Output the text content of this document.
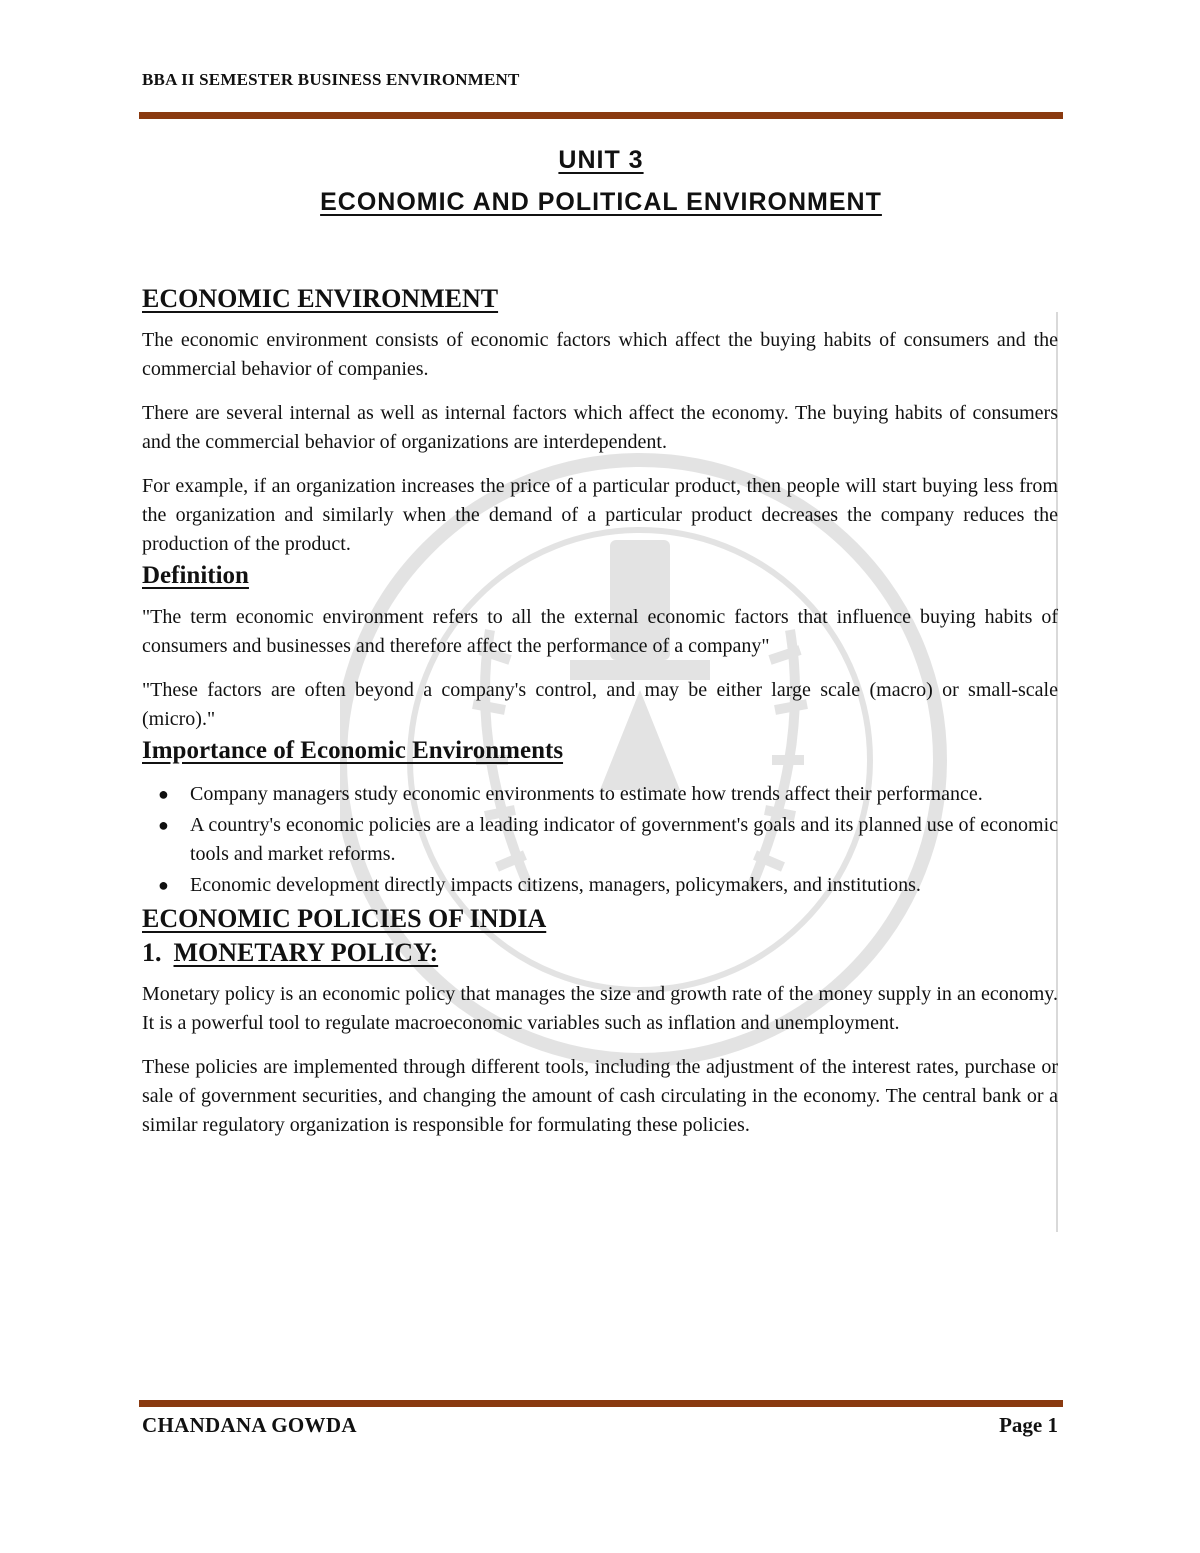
BBA II SEMESTER BUSINESS ENVIRONMENT
UNIT 3
ECONOMIC AND POLITICAL ENVIRONMENT
ECONOMIC ENVIRONMENT

The economic environment consists of economic factors which affect the buying habits of consumers and the commercial behavior of companies.

There are several internal as well as internal factors which affect the economy. The buying habits of consumers and the commercial behavior of organizations are interdependent.

For example, if an organization increases the price of a particular product, then people will start buying less from the organization and similarly when the demand of a particular product decreases the company reduces the production of the product.

Definition

"The term economic environment refers to all the external economic factors that influence buying habits of consumers and businesses and therefore affect the performance of a company"

"These factors are often beyond a company's control, and may be either large scale (macro) or small-scale (micro)."

Importance of Economic Environments
● Company managers study economic environments to estimate how trends affect their performance.
● A country's economic policies are a leading indicator of government's goals and its planned use of economic tools and market reforms.
● Economic development directly impacts citizens, managers, policymakers, and institutions.
ECONOMIC POLICIES OF INDIA
1. MONETARY POLICY:

Monetary policy is an economic policy that manages the size and growth rate of the money supply in an economy. It is a powerful tool to regulate macroeconomic variables such as inflation and unemployment.

These policies are implemented through different tools, including the adjustment of the interest rates, purchase or sale of government securities, and changing the amount of cash circulating in the economy. The central bank or a similar regulatory organization is responsible for formulating these policies.

CHANDANA GOWDA	Page 1
